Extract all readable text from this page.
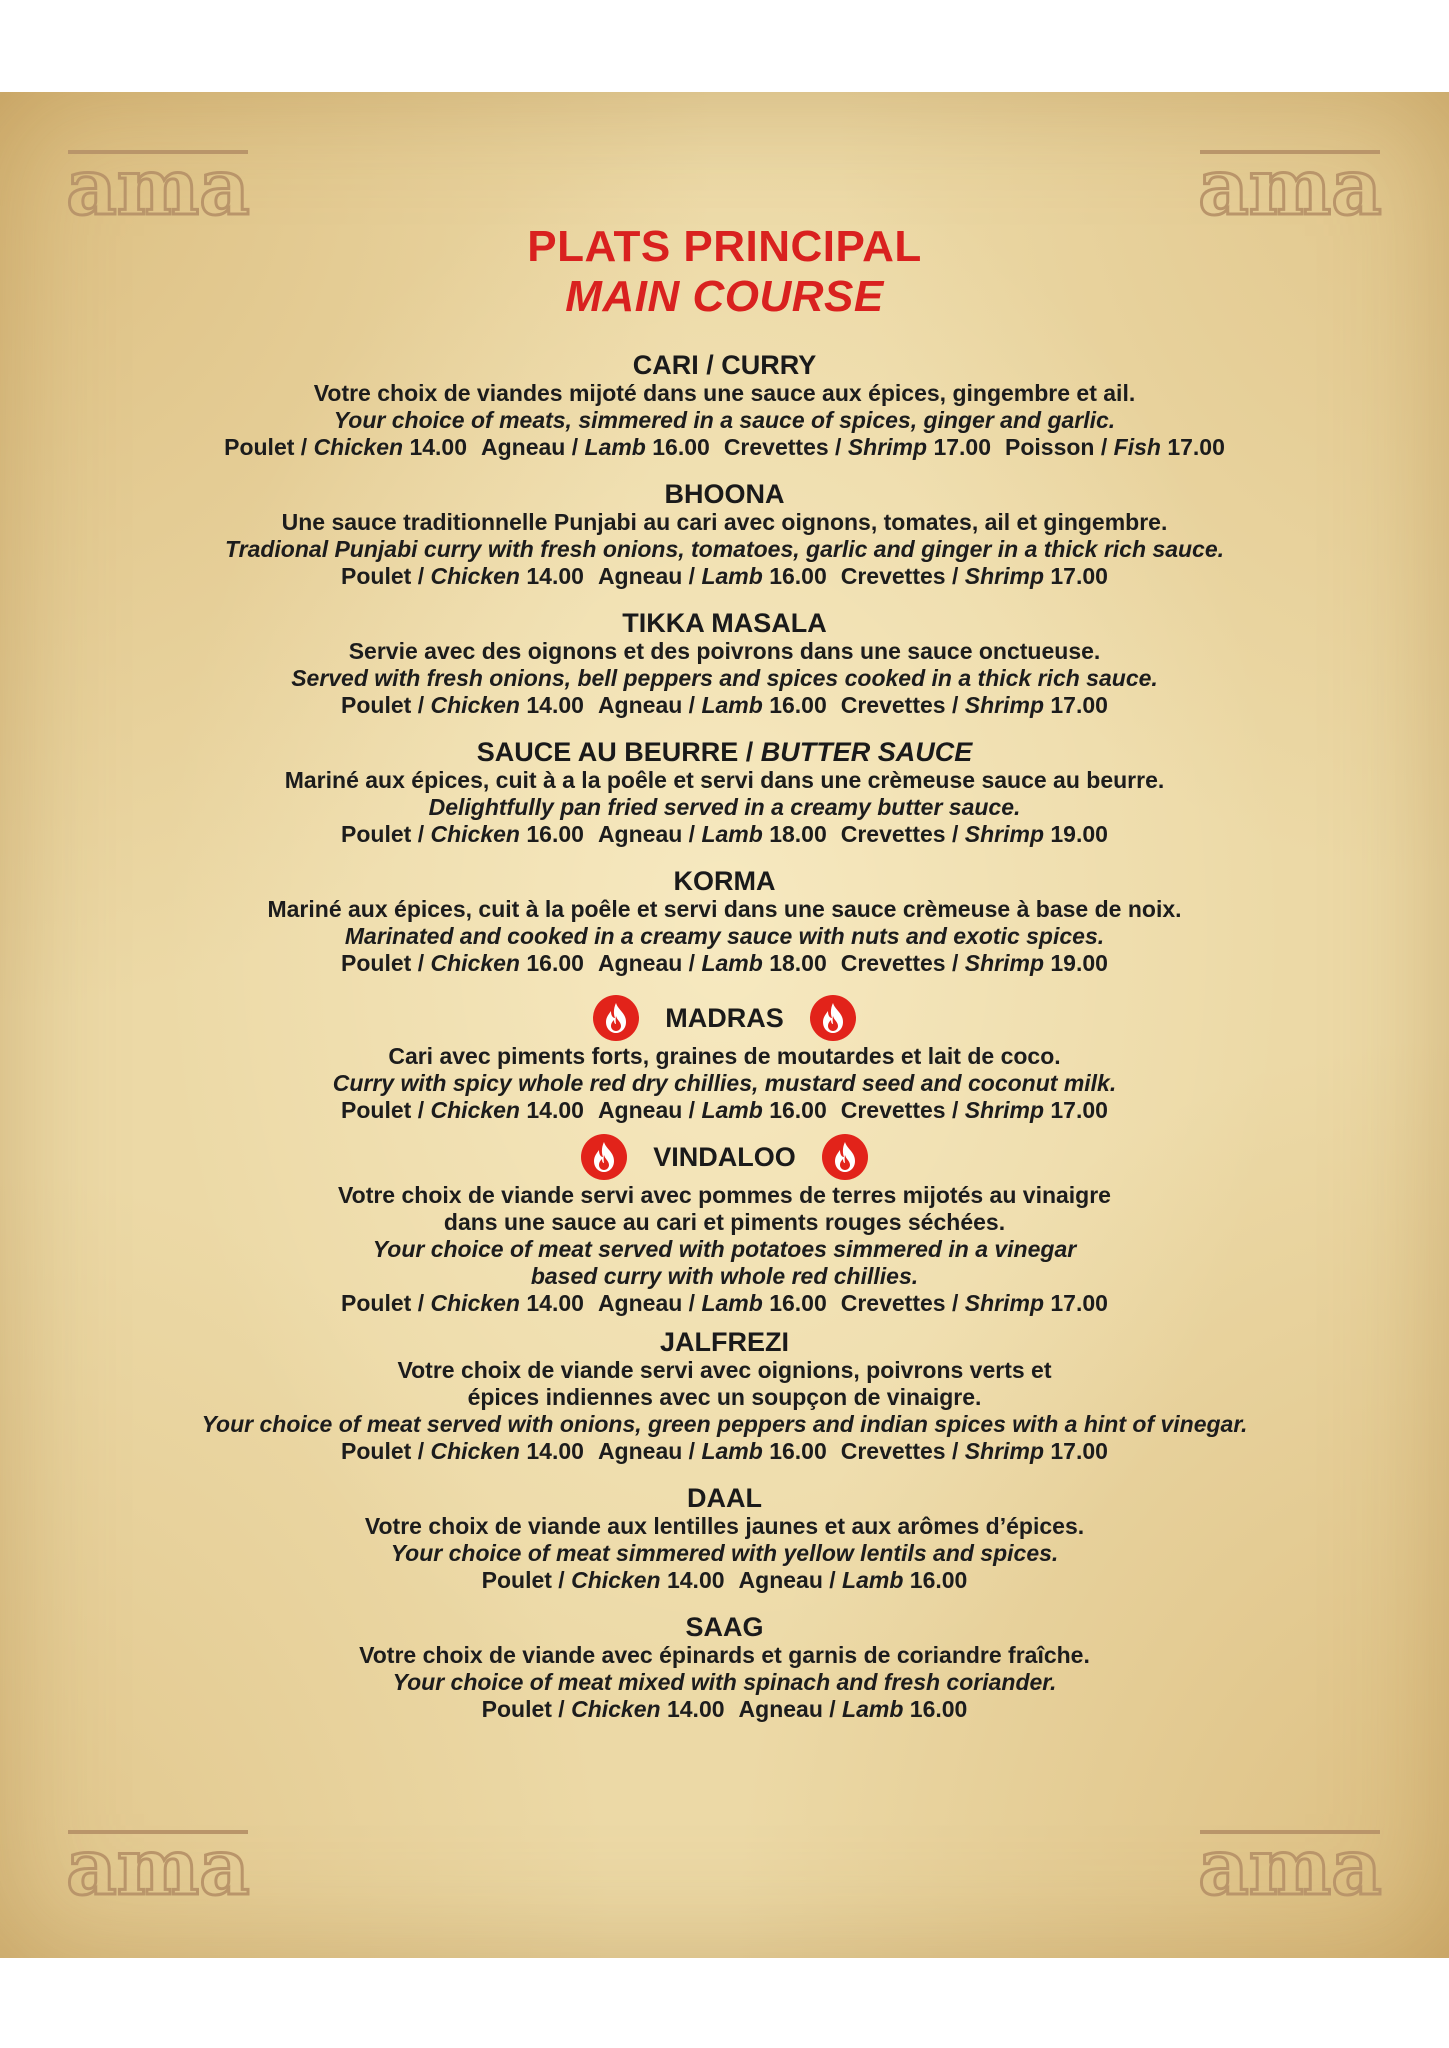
ama	ama
ama	ama
PLATS PRINCIPAL
MAIN COURSE
CARI / CURRY
Votre choix de viandes mijoté dans une sauce aux épices, gingembre et ail.
Your choice of meats, simmered in a sauce of spices, ginger and garlic.
Poulet / Chicken 14.00 Agneau / Lamb 16.00 Crevettes / Shrimp 17.00 Poisson / Fish 17.00
BHOONA
Une sauce traditionnelle Punjabi au cari avec oignons, tomates, ail et gingembre.
Tradional Punjabi curry with fresh onions, tomatoes, garlic and ginger in a thick rich sauce.
Poulet / Chicken 14.00 Agneau / Lamb 16.00 Crevettes / Shrimp 17.00
TIKKA MASALA
Servie avec des oignons et des poivrons dans une sauce onctueuse.
Served with fresh onions, bell peppers and spices cooked in a thick rich sauce.
Poulet / Chicken 14.00 Agneau / Lamb 16.00 Crevettes / Shrimp 17.00
SAUCE AU BEURRE / BUTTER SAUCE
Mariné aux épices, cuit à a la poêle et servi dans une crèmeuse sauce au beurre.
Delightfully pan fried served in a creamy butter sauce.
Poulet / Chicken 16.00 Agneau / Lamb 18.00 Crevettes / Shrimp 19.00
KORMA
Mariné aux épices, cuit à la poêle et servi dans une sauce crèmeuse à base de noix.
Marinated and cooked in a creamy sauce with nuts and exotic spices.
Poulet / Chicken 16.00 Agneau / Lamb 18.00 Crevettes / Shrimp 19.00
MADRAS
Cari avec piments forts, graines de moutardes et lait de coco.
Curry with spicy whole red dry chillies, mustard seed and coconut milk.
Poulet / Chicken 14.00 Agneau / Lamb 16.00 Crevettes / Shrimp 17.00
VINDALOO
Votre choix de viande servi avec pommes de terres mijotés au vinaigre
dans une sauce au cari et piments rouges séchées.
Your choice of meat served with potatoes simmered in a vinegar
based curry with whole red chillies.
Poulet / Chicken 14.00 Agneau / Lamb 16.00 Crevettes / Shrimp 17.00
JALFREZI
Votre choix de viande servi avec oignions, poivrons verts et
épices indiennes avec un soupçon de vinaigre.
Your choice of meat served with onions, green peppers and indian spices with a hint of vinegar.
Poulet / Chicken 14.00 Agneau / Lamb 16.00 Crevettes / Shrimp 17.00
DAAL
Votre choix de viande aux lentilles jaunes et aux arômes d’épices.
Your choice of meat simmered with yellow lentils and spices.
Poulet / Chicken 14.00 Agneau / Lamb 16.00
SAAG
Votre choix de viande avec épinards et garnis de coriandre fraîche.
Your choice of meat mixed with spinach and fresh coriander.
Poulet / Chicken 14.00 Agneau / Lamb 16.00
